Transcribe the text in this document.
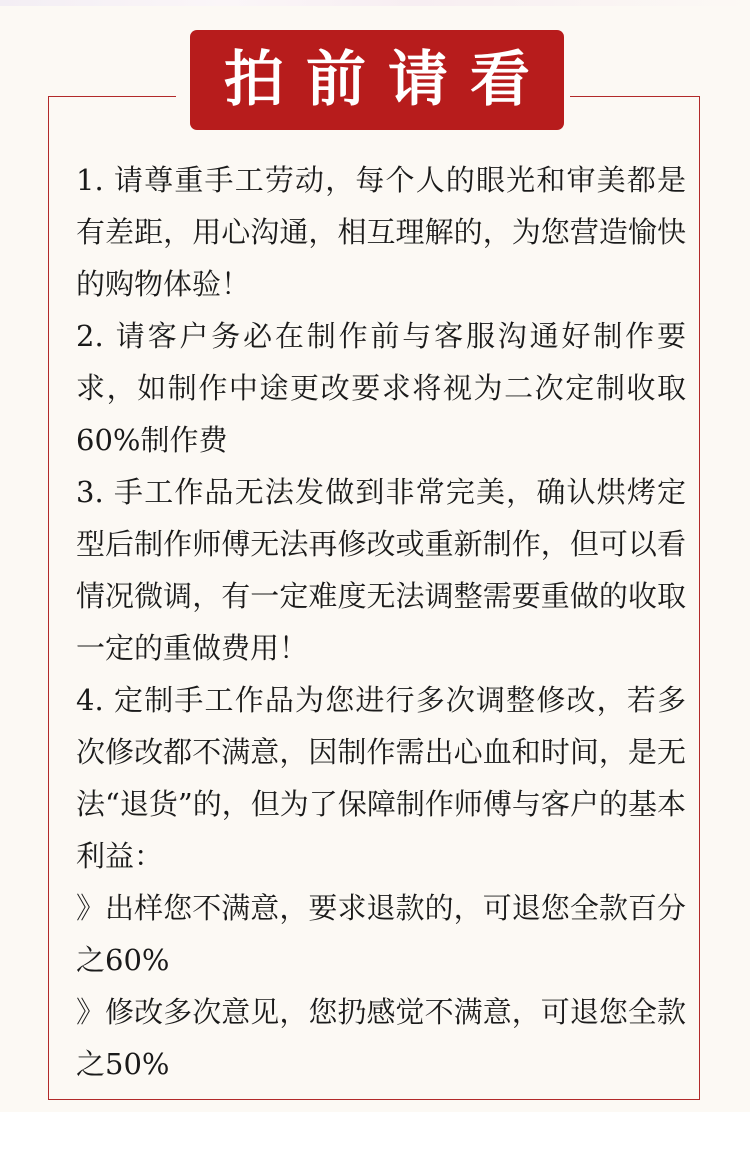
拍前请看

1. 请尊重手工劳动，每个人的眼光和审美都是有差距，用心沟通，相互理解的，为您营造愉快的购物体验！

2. 请客户务必在制作前与客服沟通好制作要求，如制作中途更改要求将视为二次定制收取60%制作费

3. 手工作品无法发做到非常完美，确认烘烤定型后制作师傅无法再修改或重新制作，但可以看情况微调，有一定难度无法调整需要重做的收取一定的重做费用！

4. 定制手工作品为您进行多次调整修改，若多次修改都不满意，因制作需出心血和时间，是无法“退货”的，但为了保障制作师傅与客户的基本利益：

》出样您不满意，要求退款的，可退您全款百分之60%

》修改多次意见，您扔感觉不满意，可退您全款之50%
